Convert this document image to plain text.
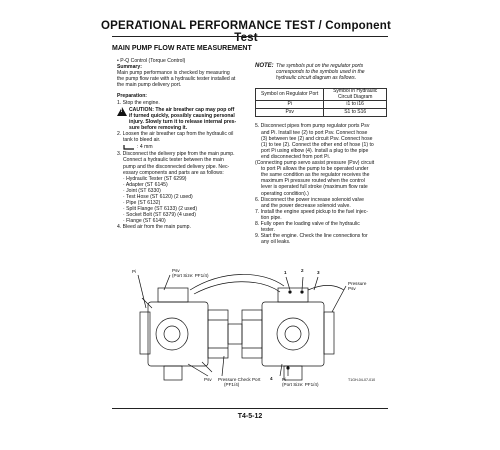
OPERATIONAL PERFORMANCE TEST / Component Test
MAIN PUMP FLOW RATE MEASUREMENT
• P-Q Control (Torque Control)
Summary:
Main pump performance is checked by measuring
the pump flow rate with a hydraulic tester installed at
the main pump delivery port.
Preparation:
1. Stop the engine.
! CAUTION: The air breather cap may pop off
if turned quickly, possibly causing personal
injury. Slowly turn it to release internal pres-
sure before removing it.
2. Loosen the air breather cap from the hydraulic oil
tank to bleed air.
: 4 mm
3. Disconnect the delivery pipe from the main pump.
Connect a hydraulic tester between the main
pump and the disconnected delivery pipe. Nec-
essary components and parts are as follows:
· Hydraulic Tester (ST 6299)
· Adapter (ST 6145)
· Joint (ST 6330)
· Test Hose (ST 6120) (2 used)
· Pipe (ST 6132)
· Split Flange (ST 6133) (2 used)
· Socket Bolt (ST 6379) (4 used)
· Flange (ST 6140)
4. Bleed air from the main pump.
NOTE: The symbols put on the regulator ports
corresponds to the symbols used in the
hydraulic circuit diagram as follows.
Symbol on Regulator Port	Symbol in Hydraulic Circuit Diagram
Pi	i1 to i16
Psv	S1 to S16
5. Disconnect pipes from pump regulator ports Psv
and Pi. Install tee (2) to port Psv. Connect hose
(3) between tee (2) and circuit Psv. Connect hose
(1) to tee (2). Connect the other end of hose (1) to
port Pi using elbow (4). Install a plug to the pipe
end disconnected from port Pi.
(Connecting pump servo assist pressure (Psv) circuit
to port Pi allows the pump to be operated under
the same condition as the regulator receives the
maximum Pi pressure routed when the control
lever is operated full stroke (maximum flow rate
operating condition).)
6. Disconnect the power increase solenoid valve
and the power decrease solenoid valve.
7. Install the engine speed pickup to the fuel injec-
tion pipe.
8. Fully open the loading valve of the hydraulic
tester.
9. Start the engine. Check the line connections for
any oil leaks.
Pi	Psv
(Port Size: PF1/4)
1	2	3
Pressure
Psv
Psv Pressure Check Port
(PF1/4)
4 Pi
(Port Size: PF1/4)
T1GH-04-07-010
T4-5-12
